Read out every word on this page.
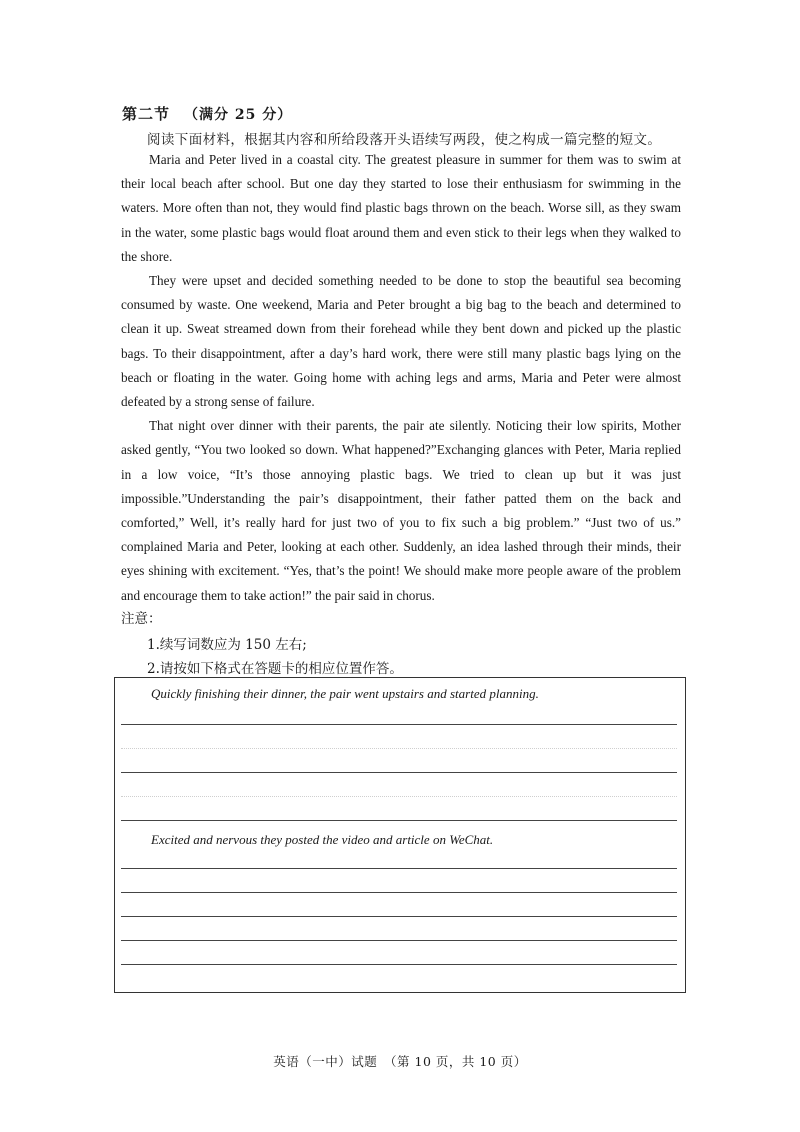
第二节 （满分 25 分）
阅读下面材料，根据其内容和所给段落开头语续写两段，使之构成一篇完整的短文。

Maria and Peter lived in a coastal city. The greatest pleasure in summer for them was to swim at their local beach after school. But one day they started to lose their enthusiasm for swimming in the waters. More often than not, they would find plastic bags thrown on the beach. Worse sill, as they swam in the water, some plastic bags would float around them and even stick to their legs when they walked to the shore.

They were upset and decided something needed to be done to stop the beautiful sea becoming consumed by waste. One weekend, Maria and Peter brought a big bag to the beach and determined to clean it up. Sweat streamed down from their forehead while they bent down and picked up the plastic bags. To their disappointment, after a day’s hard work, there were still many plastic bags lying on the beach or floating in the water. Going home with aching legs and arms, Maria and Peter were almost defeated by a strong sense of failure.

That night over dinner with their parents, the pair ate silently. Noticing their low spirits, Mother asked gently, “You two looked so down. What happened?”Exchanging glances with Peter, Maria replied in a low voice, “It’s those annoying plastic bags. We tried to clean up but it was just impossible.”Understanding the pair’s disappointment, their father patted them on the back and comforted,” Well, it’s really hard for just two of you to fix such a big problem.” “Just two of us.” complained Maria and Peter, looking at each other. Suddenly, an idea lashed through their minds, their eyes shining with excitement. “Yes, that’s the point! We should make more people aware of the problem and encourage them to take action!” the pair said in chorus.

注意：
1.续写词数应为 150 左右;
2.请按如下格式在答题卡的相应位置作答。
Quickly finishing their dinner, the pair went upstairs and started planning.
Excited and nervous they posted the video and article on WeChat.
英语（一中）试题　（第 10 页，共 10 页）
